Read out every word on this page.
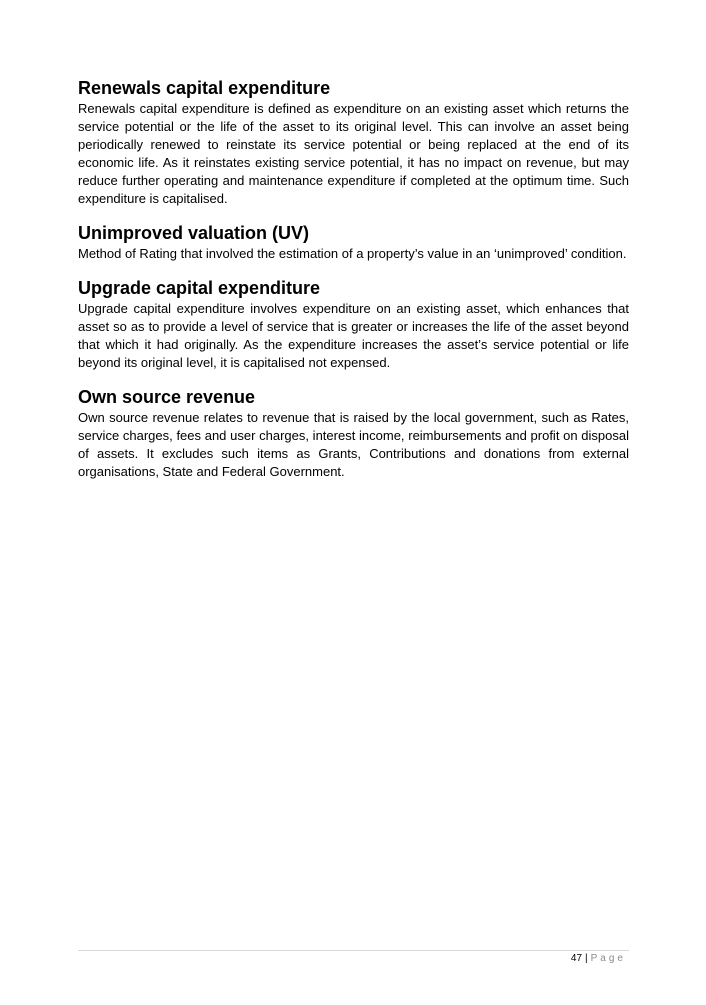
Renewals capital expenditure

Renewals capital expenditure is defined as expenditure on an existing asset which returns the service potential or the life of the asset to its original level. This can involve an asset being periodically renewed to reinstate its service potential or being replaced at the end of its economic life. As it reinstates existing service potential, it has no impact on revenue, but may reduce further operating and maintenance expenditure if completed at the optimum time. Such expenditure is capitalised.

Unimproved valuation (UV)

Method of Rating that involved the estimation of a property’s value in an ‘unimproved’ condition.

Upgrade capital expenditure

Upgrade capital expenditure involves expenditure on an existing asset, which enhances that asset so as to provide a level of service that is greater or increases the life of the asset beyond that which it had originally. As the expenditure increases the asset’s service potential or life beyond its original level, it is capitalised not expensed.

Own source revenue

Own source revenue relates to revenue that is raised by the local government, such as Rates, service charges, fees and user charges, interest income, reimbursements and profit on disposal of assets. It excludes such items as Grants, Contributions and donations from external organisations, State and Federal Government.

47 | Page
